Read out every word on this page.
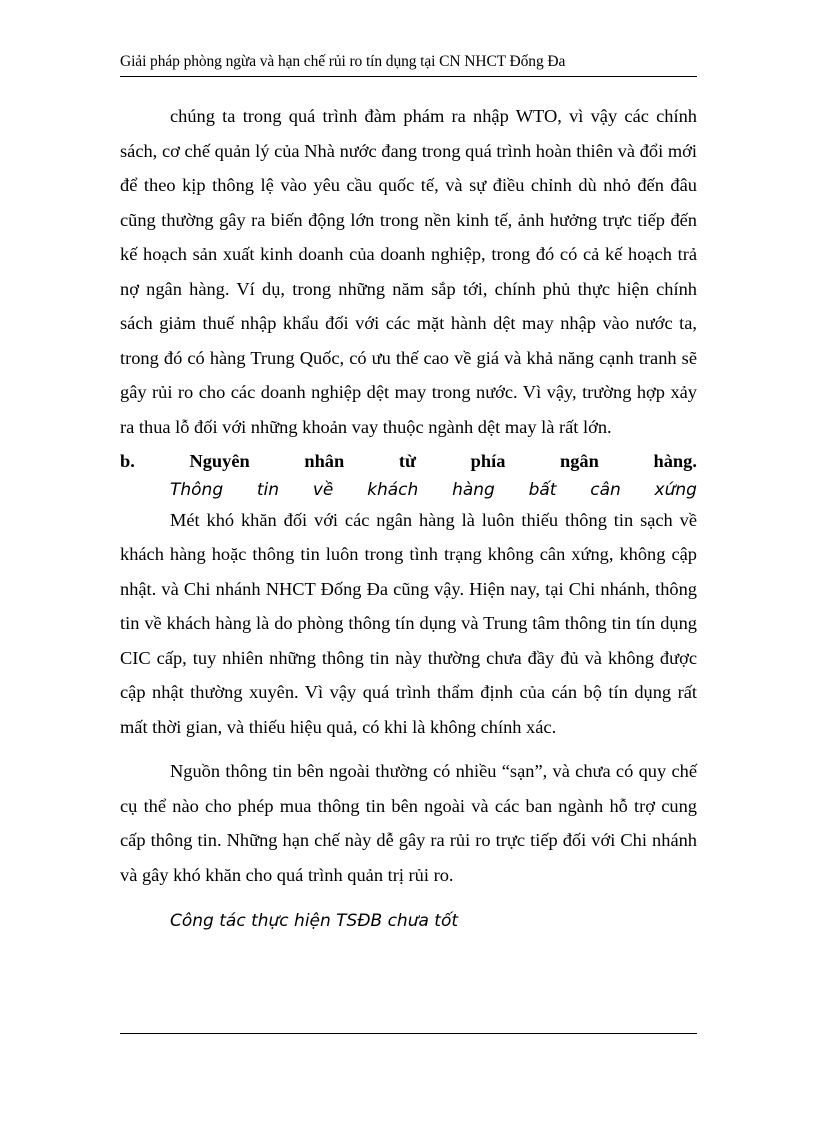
Giải pháp phòng ngừa và hạn chế rủi ro tín dụng tại CN NHCT Đống Đa

chúng ta trong quá trình đàm phám ra nhập WTO, vì vậy các chính sách, cơ chế quản lý của Nhà nước đang trong quá trình hoàn thiên và đổi mới để theo kịp thông lệ vào yêu cầu quốc tế, và sự điều chỉnh dù nhỏ đến đâu cũng thường gây ra biến động lớn trong nền kinh tế, ảnh hưởng trực tiếp đến kế hoạch sản xuất kinh doanh của doanh nghiệp, trong đó có cả kế hoạch trả nợ ngân hàng. Ví dụ, trong những năm sắp tới, chính phủ thực hiện chính sách giảm thuế nhập khẩu đối với các mặt hành dệt may nhập vào nước ta, trong đó có hàng Trung Quốc, có ưu thế cao về giá và khả năng cạnh tranh sẽ gây rủi ro cho các doanh nghiệp dệt may trong nước. Vì vậy, trường hợp xảy ra thua lỗ đối với những khoản vay thuộc ngành dệt may là rất lớn.

b.	Nguyên	nhân	từ	phía	ngân	hàng.
Thông tin về khách hàng bất cân xứng

Mét khó khăn đối với các ngân hàng là luôn thiếu thông tin sạch về khách hàng hoặc thông tin luôn trong tình trạng không cân xứng, không cập nhật. và Chi nhánh NHCT Đống Đa cũng vậy. Hiện nay, tại Chi nhánh, thông tin về khách hàng là do phòng thông tín dụng và Trung tâm thông tin tín dụng CIC cấp, tuy nhiên những thông tin này thường chưa đầy đủ và không được cập nhật thường xuyên. Vì vậy quá trình thẩm định của cán bộ tín dụng rất mất thời gian, và thiếu hiệu quả, có khi là không chính xác.

Nguồn thông tin bên ngoài thường có nhiều “sạn”, và chưa có quy chế cụ thể nào cho phép mua thông tin bên ngoài và các ban ngành hỗ trợ cung cấp thông tin. Những hạn chế này dễ gây ra rủi ro trực tiếp đối với Chi nhánh và gây khó khăn cho quá trình quản trị rủi ro.

Công tác thực hiện TSĐB chưa tốt
